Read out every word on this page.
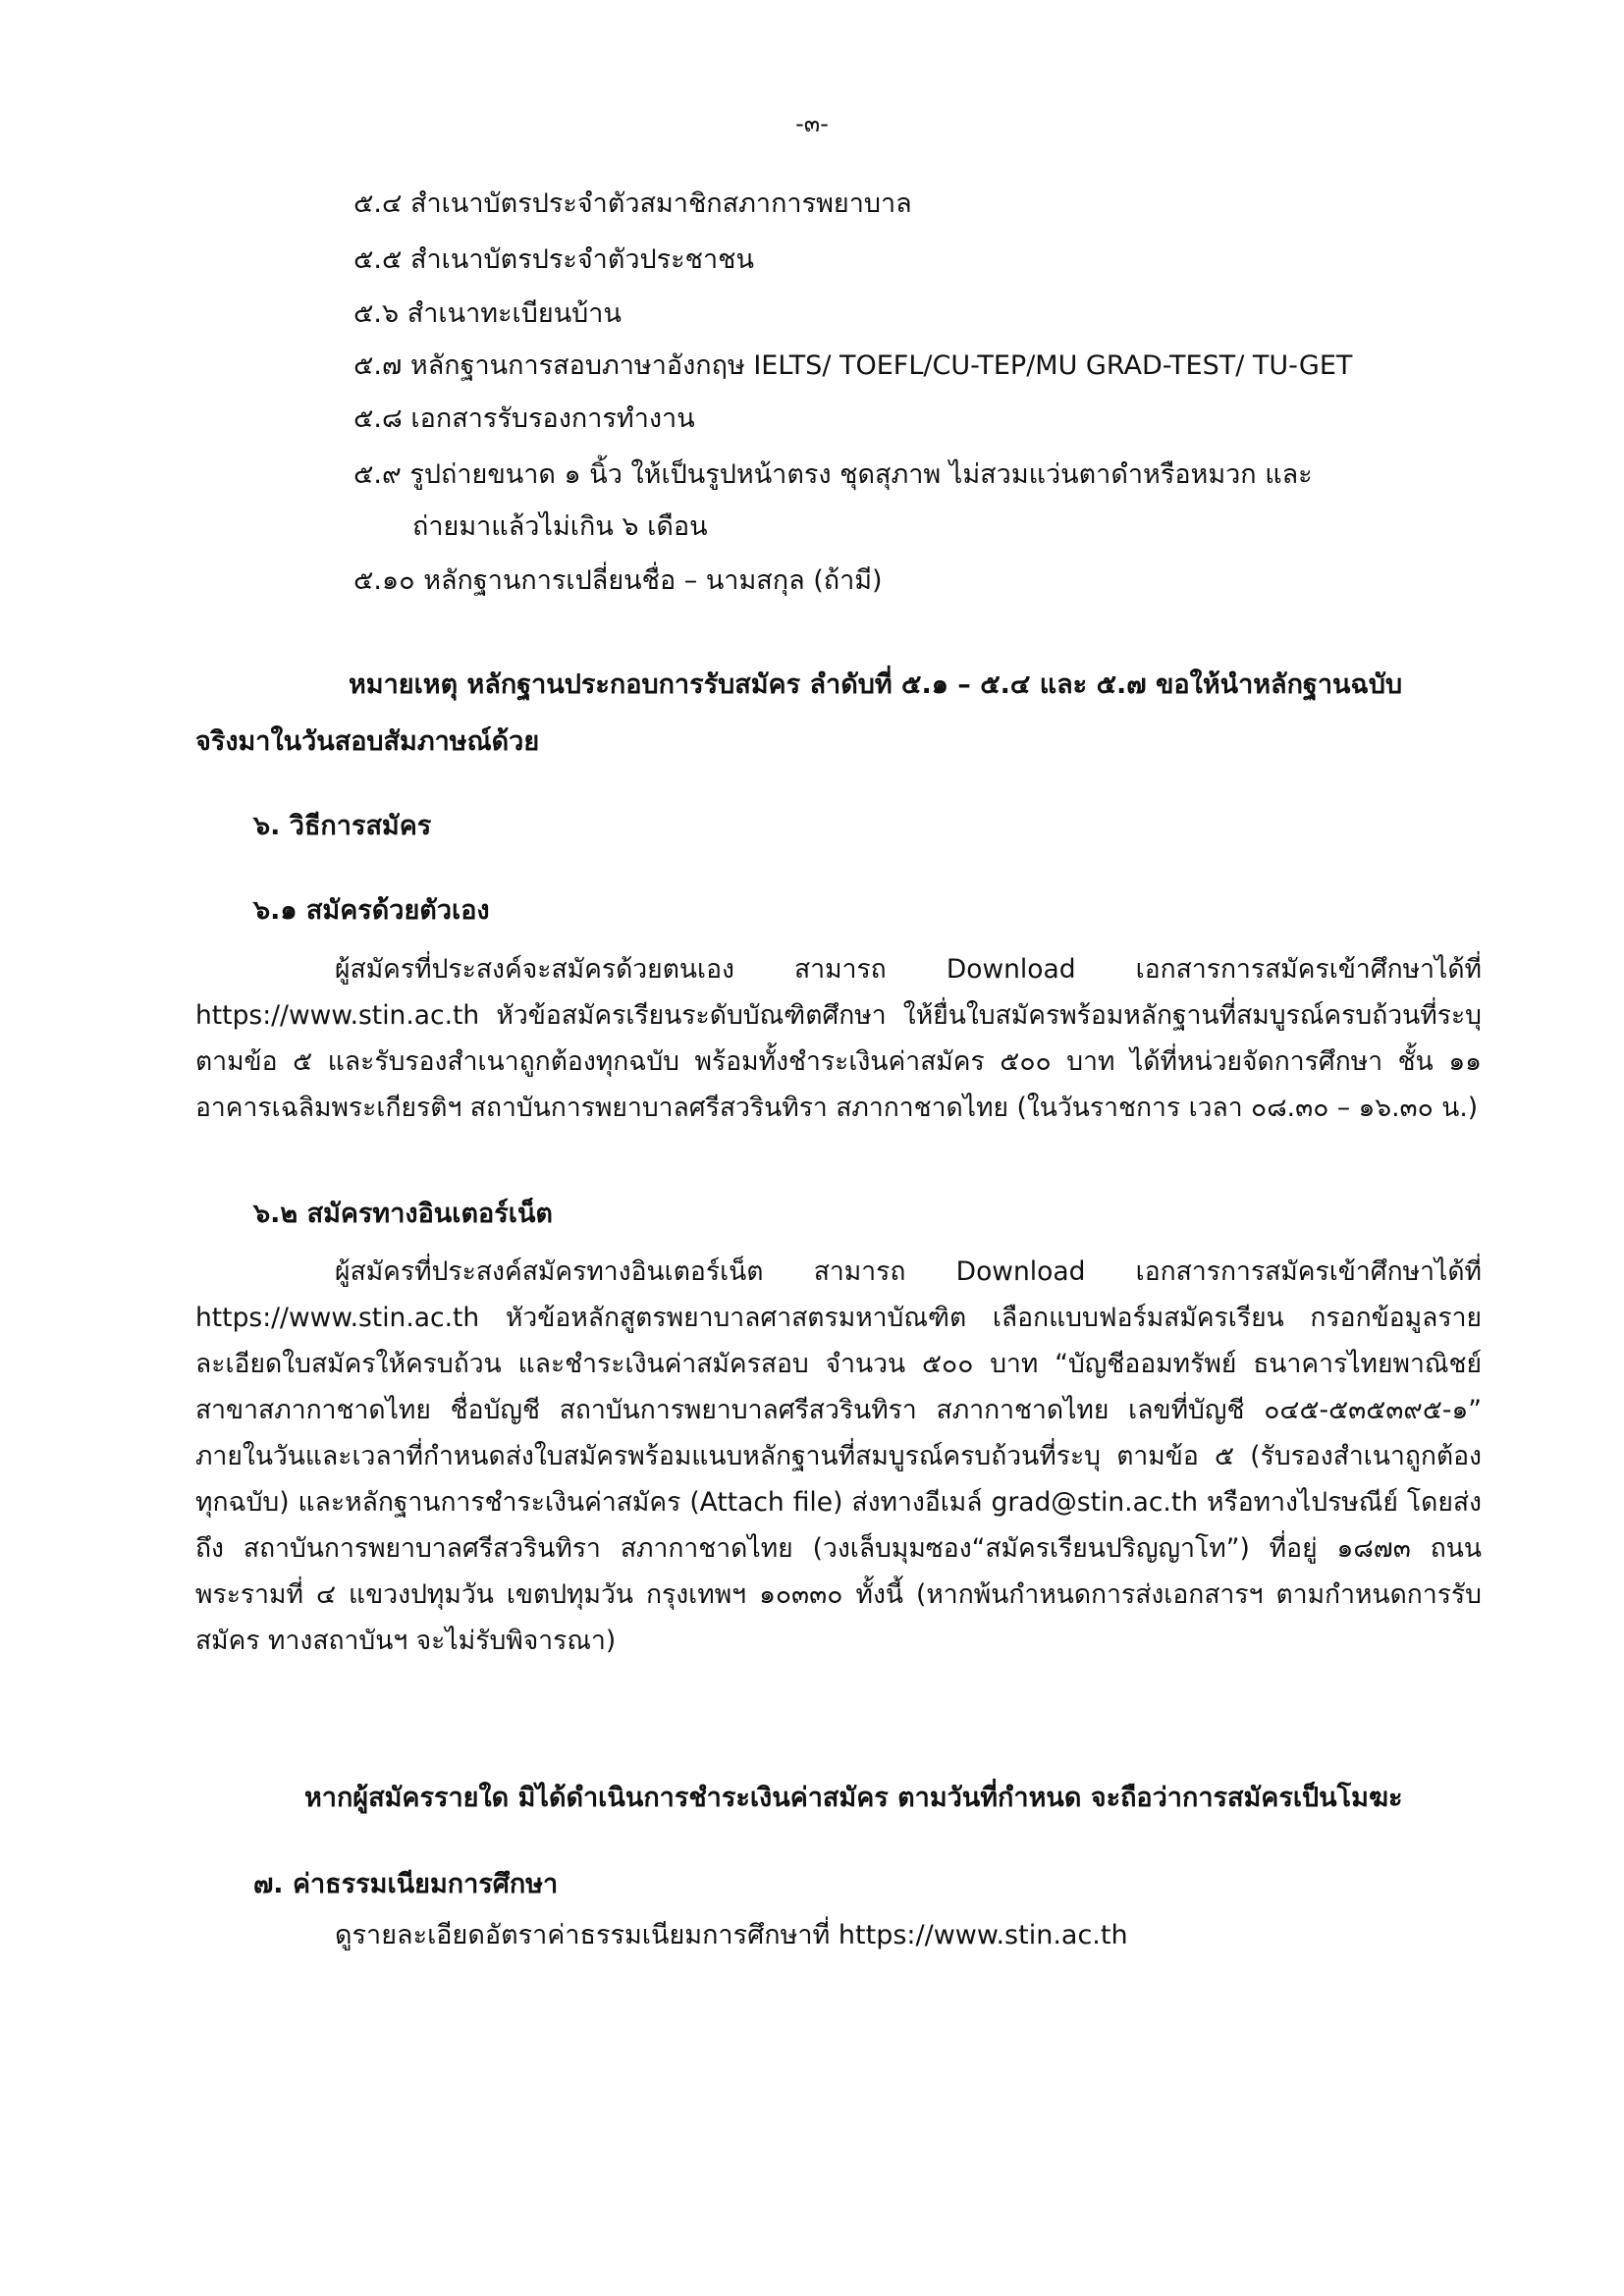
-๓-
๕.๔ สำเนาบัตรประจำตัวสมาชิกสภาการพยาบาล
๕.๕ สำเนาบัตรประจำตัวประชาชน
๕.๖ สำเนาทะเบียนบ้าน
๕.๗ หลักฐานการสอบภาษาอังกฤษ IELTS/ TOEFL/CU-TEP/MU GRAD-TEST/ TU-GET
๕.๘ เอกสารรับรองการทำงาน
๕.๙ รูปถ่ายขนาด ๑ นิ้ว ให้เป็นรูปหน้าตรง ชุดสุภาพ ไม่สวมแว่นตาดำหรือหมวก และ
ถ่ายมาแล้วไม่เกิน ๖ เดือน
๕.๑๐ หลักฐานการเปลี่ยนชื่อ – นามสกุล (ถ้ามี)
หมายเหตุ หลักฐานประกอบการรับสมัคร ลำดับที่ ๕.๑ – ๕.๔ และ ๕.๗ ขอให้นำหลักฐานฉบับ
จริงมาในวันสอบสัมภาษณ์ด้วย
๖. วิธีการสมัคร
๖.๑ สมัครด้วยตัวเอง
ผู้สมัครที่ประสงค์จะสมัครด้วยตนเอง สามารถ Download เอกสารการสมัครเข้าศึกษาได้ที่ https://www.stin.ac.th หัวข้อสมัครเรียนระดับบัณฑิตศึกษา ให้ยื่นใบสมัครพร้อมหลักฐานที่สมบูรณ์ครบถ้วนที่ระบุตามข้อ ๕ และรับรองสำเนาถูกต้องทุกฉบับ พร้อมทั้งชำระเงินค่าสมัคร ๕๐๐ บาท ได้ที่หน่วยจัดการศึกษา ชั้น ๑๑ อาคารเฉลิมพระเกียรติฯ สถาบันการพยาบาลศรีสวรินทิรา สภากาชาดไทย (ในวันราชการ เวลา ๐๘.๓๐ – ๑๖.๓๐ น.)
๖.๒ สมัครทางอินเตอร์เน็ต
ผู้สมัครที่ประสงค์สมัครทางอินเตอร์เน็ต สามารถ Download เอกสารการสมัครเข้าศึกษาได้ที่ https://www.stin.ac.th หัวข้อหลักสูตรพยาบาลศาสตรมหาบัณฑิต เลือกแบบฟอร์มสมัครเรียน กรอกข้อมูลรายละเอียดใบสมัครให้ครบถ้วน และชำระเงินค่าสมัครสอบ จำนวน ๕๐๐ บาท “บัญชีออมทรัพย์ ธนาคารไทยพาณิชย์ สาขาสภากาชาดไทย ชื่อบัญชี สถาบันการพยาบาลศรีสวรินทิรา สภากาชาดไทย เลขที่บัญชี ๐๔๕-๕๓๕๓๙๕-๑” ภายในวันและเวลาที่กำหนดส่งใบสมัครพร้อมแนบหลักฐานที่สมบูรณ์ครบถ้วนที่ระบุ ตามข้อ ๕ (รับรองสำเนาถูกต้องทุกฉบับ) และหลักฐานการชำระเงินค่าสมัคร (Attach file) ส่งทางอีเมล์ grad@stin.ac.th หรือทางไปรษณีย์ โดยส่งถึง สถาบันการพยาบาลศรีสวรินทิรา สภากาชาดไทย (วงเล็บมุมซอง“สมัครเรียนปริญญาโท”) ที่อยู่ ๑๘๗๓ ถนนพระรามที่ ๔ แขวงปทุมวัน เขตปทุมวัน กรุงเทพฯ ๑๐๓๓๐ ทั้งนี้ (หากพ้นกำหนดการส่งเอกสารฯ ตามกำหนดการรับสมัคร ทางสถาบันฯ จะไม่รับพิจารณา)
หากผู้สมัครรายใด มิได้ดำเนินการชำระเงินค่าสมัคร ตามวันที่กำหนด จะถือว่าการสมัครเป็นโมฆะ
๗. ค่าธรรมเนียมการศึกษา
ดูรายละเอียดอัตราค่าธรรมเนียมการศึกษาที่ https://www.stin.ac.th
